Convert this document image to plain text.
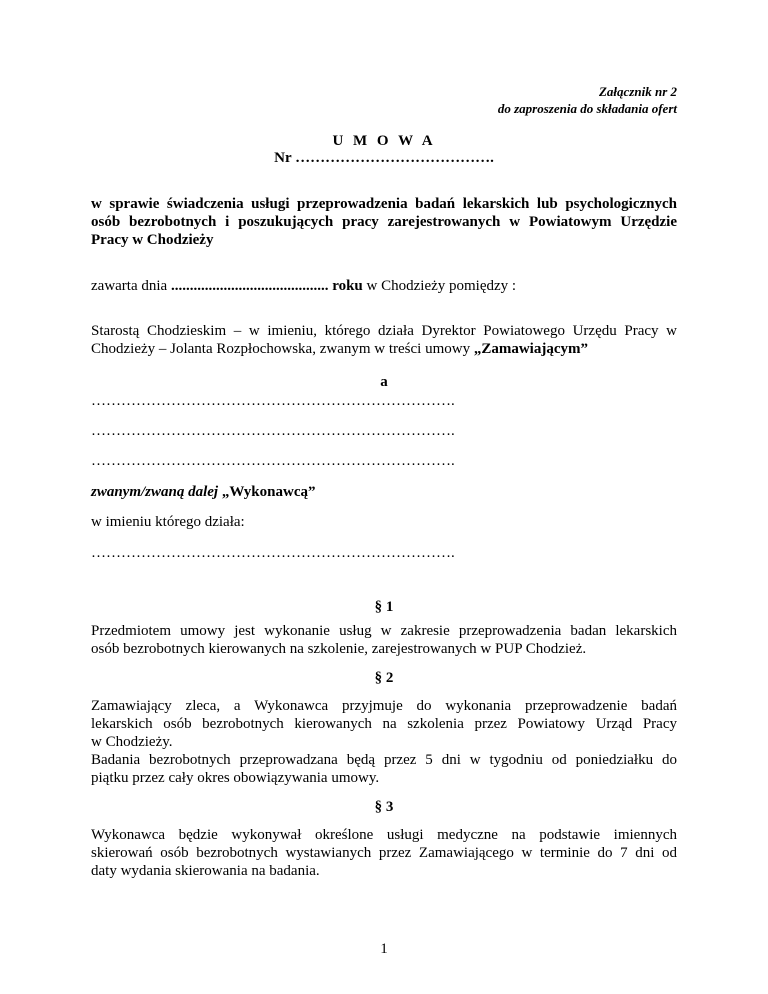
Załącznik nr 2
do zaproszenia do składania ofert
U M O W A
Nr ………………………………….
w sprawie świadczenia usługi przeprowadzenia badań lekarskich lub psychologicznych
osób bezrobotnych i poszukujących pracy zarejestrowanych w Powiatowym Urzędzie
Pracy w Chodzieży
zawarta dnia .......................................... roku w Chodzieży pomiędzy :
Starostą Chodzieskim – w imieniu, którego działa Dyrektor Powiatowego Urzędu Pracy w
Chodzieży – Jolanta Rozpłochowska, zwanym w treści umowy „Zamawiającym”
a
……………………………………………………………….
……………………………………………………………….
……………………………………………………………….
zwanym/zwaną dalej „Wykonawcą”
w imieniu którego działa:
……………………………………………………………….
§ 1
Przedmiotem umowy jest wykonanie usług w zakresie przeprowadzenia badan lekarskich
osób bezrobotnych kierowanych na szkolenie, zarejestrowanych w PUP Chodzież.
§ 2
Zamawiający zleca, a Wykonawca przyjmuje do wykonania przeprowadzenie badań
lekarskich osób bezrobotnych kierowanych na szkolenia przez Powiatowy Urząd Pracy
w Chodzieży.
Badania bezrobotnych przeprowadzana będą przez 5 dni w tygodniu od poniedziałku do
piątku przez cały okres obowiązywania umowy.
§ 3
Wykonawca będzie wykonywał określone usługi medyczne na podstawie imiennych
skierowań osób bezrobotnych wystawianych przez Zamawiającego w terminie do 7 dni od
daty wydania skierowania na badania.
1
